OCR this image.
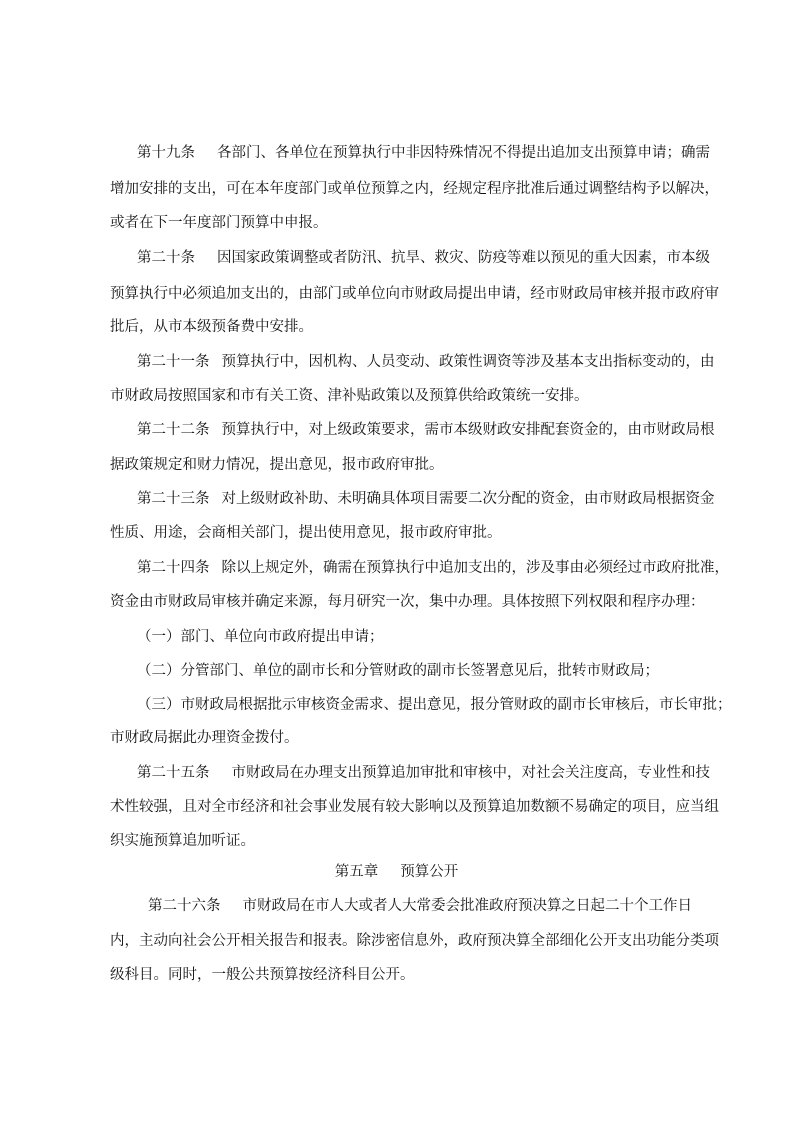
第十九条 各部门、各单位在预算执行中非因特殊情况不得提出追加支出预算申请；确需
增加安排的支出，可在本年度部门或单位预算之内，经规定程序批准后通过调整结构予以解决，
或者在下一年度部门预算中申报。
第二十条 因国家政策调整或者防汛、抗旱、救灾、防疫等难以预见的重大因素，市本级
预算执行中必须追加支出的，由部门或单位向市财政局提出申请，经市财政局审核并报市政府审
批后，从市本级预备费中安排。
第二十一条 预算执行中，因机构、人员变动、政策性调资等涉及基本支出指标变动的，由
市财政局按照国家和市有关工资、津补贴政策以及预算供给政策统一安排。
第二十二条 预算执行中，对上级政策要求，需市本级财政安排配套资金的，由市财政局根
据政策规定和财力情况，提出意见，报市政府审批。
第二十三条 对上级财政补助、未明确具体项目需要二次分配的资金，由市财政局根据资金
性质、用途，会商相关部门，提出使用意见，报市政府审批。
第二十四条 除以上规定外，确需在预算执行中追加支出的，涉及事由必须经过市政府批准，
资金由市财政局审核并确定来源，每月研究一次，集中办理。具体按照下列权限和程序办理：
（一）部门、单位向市政府提出申请；
（二）分管部门、单位的副市长和分管财政的副市长签署意见后，批转市财政局；
（三）市财政局根据批示审核资金需求、提出意见，报分管财政的副市长审核后，市长审批；
市财政局据此办理资金拨付。
第二十五条 市财政局在办理支出预算追加审批和审核中，对社会关注度高，专业性和技
术性较强，且对全市经济和社会事业发展有较大影响以及预算追加数额不易确定的项目，应当组
织实施预算追加听证。
第五章 预算公开
第二十六条 市财政局在市人大或者人大常委会批准政府预决算之日起二十个工作日
内，主动向社会公开相关报告和报表。除涉密信息外，政府预决算全部细化公开支出功能分类项
级科目。同时，一般公共预算按经济科目公开。
